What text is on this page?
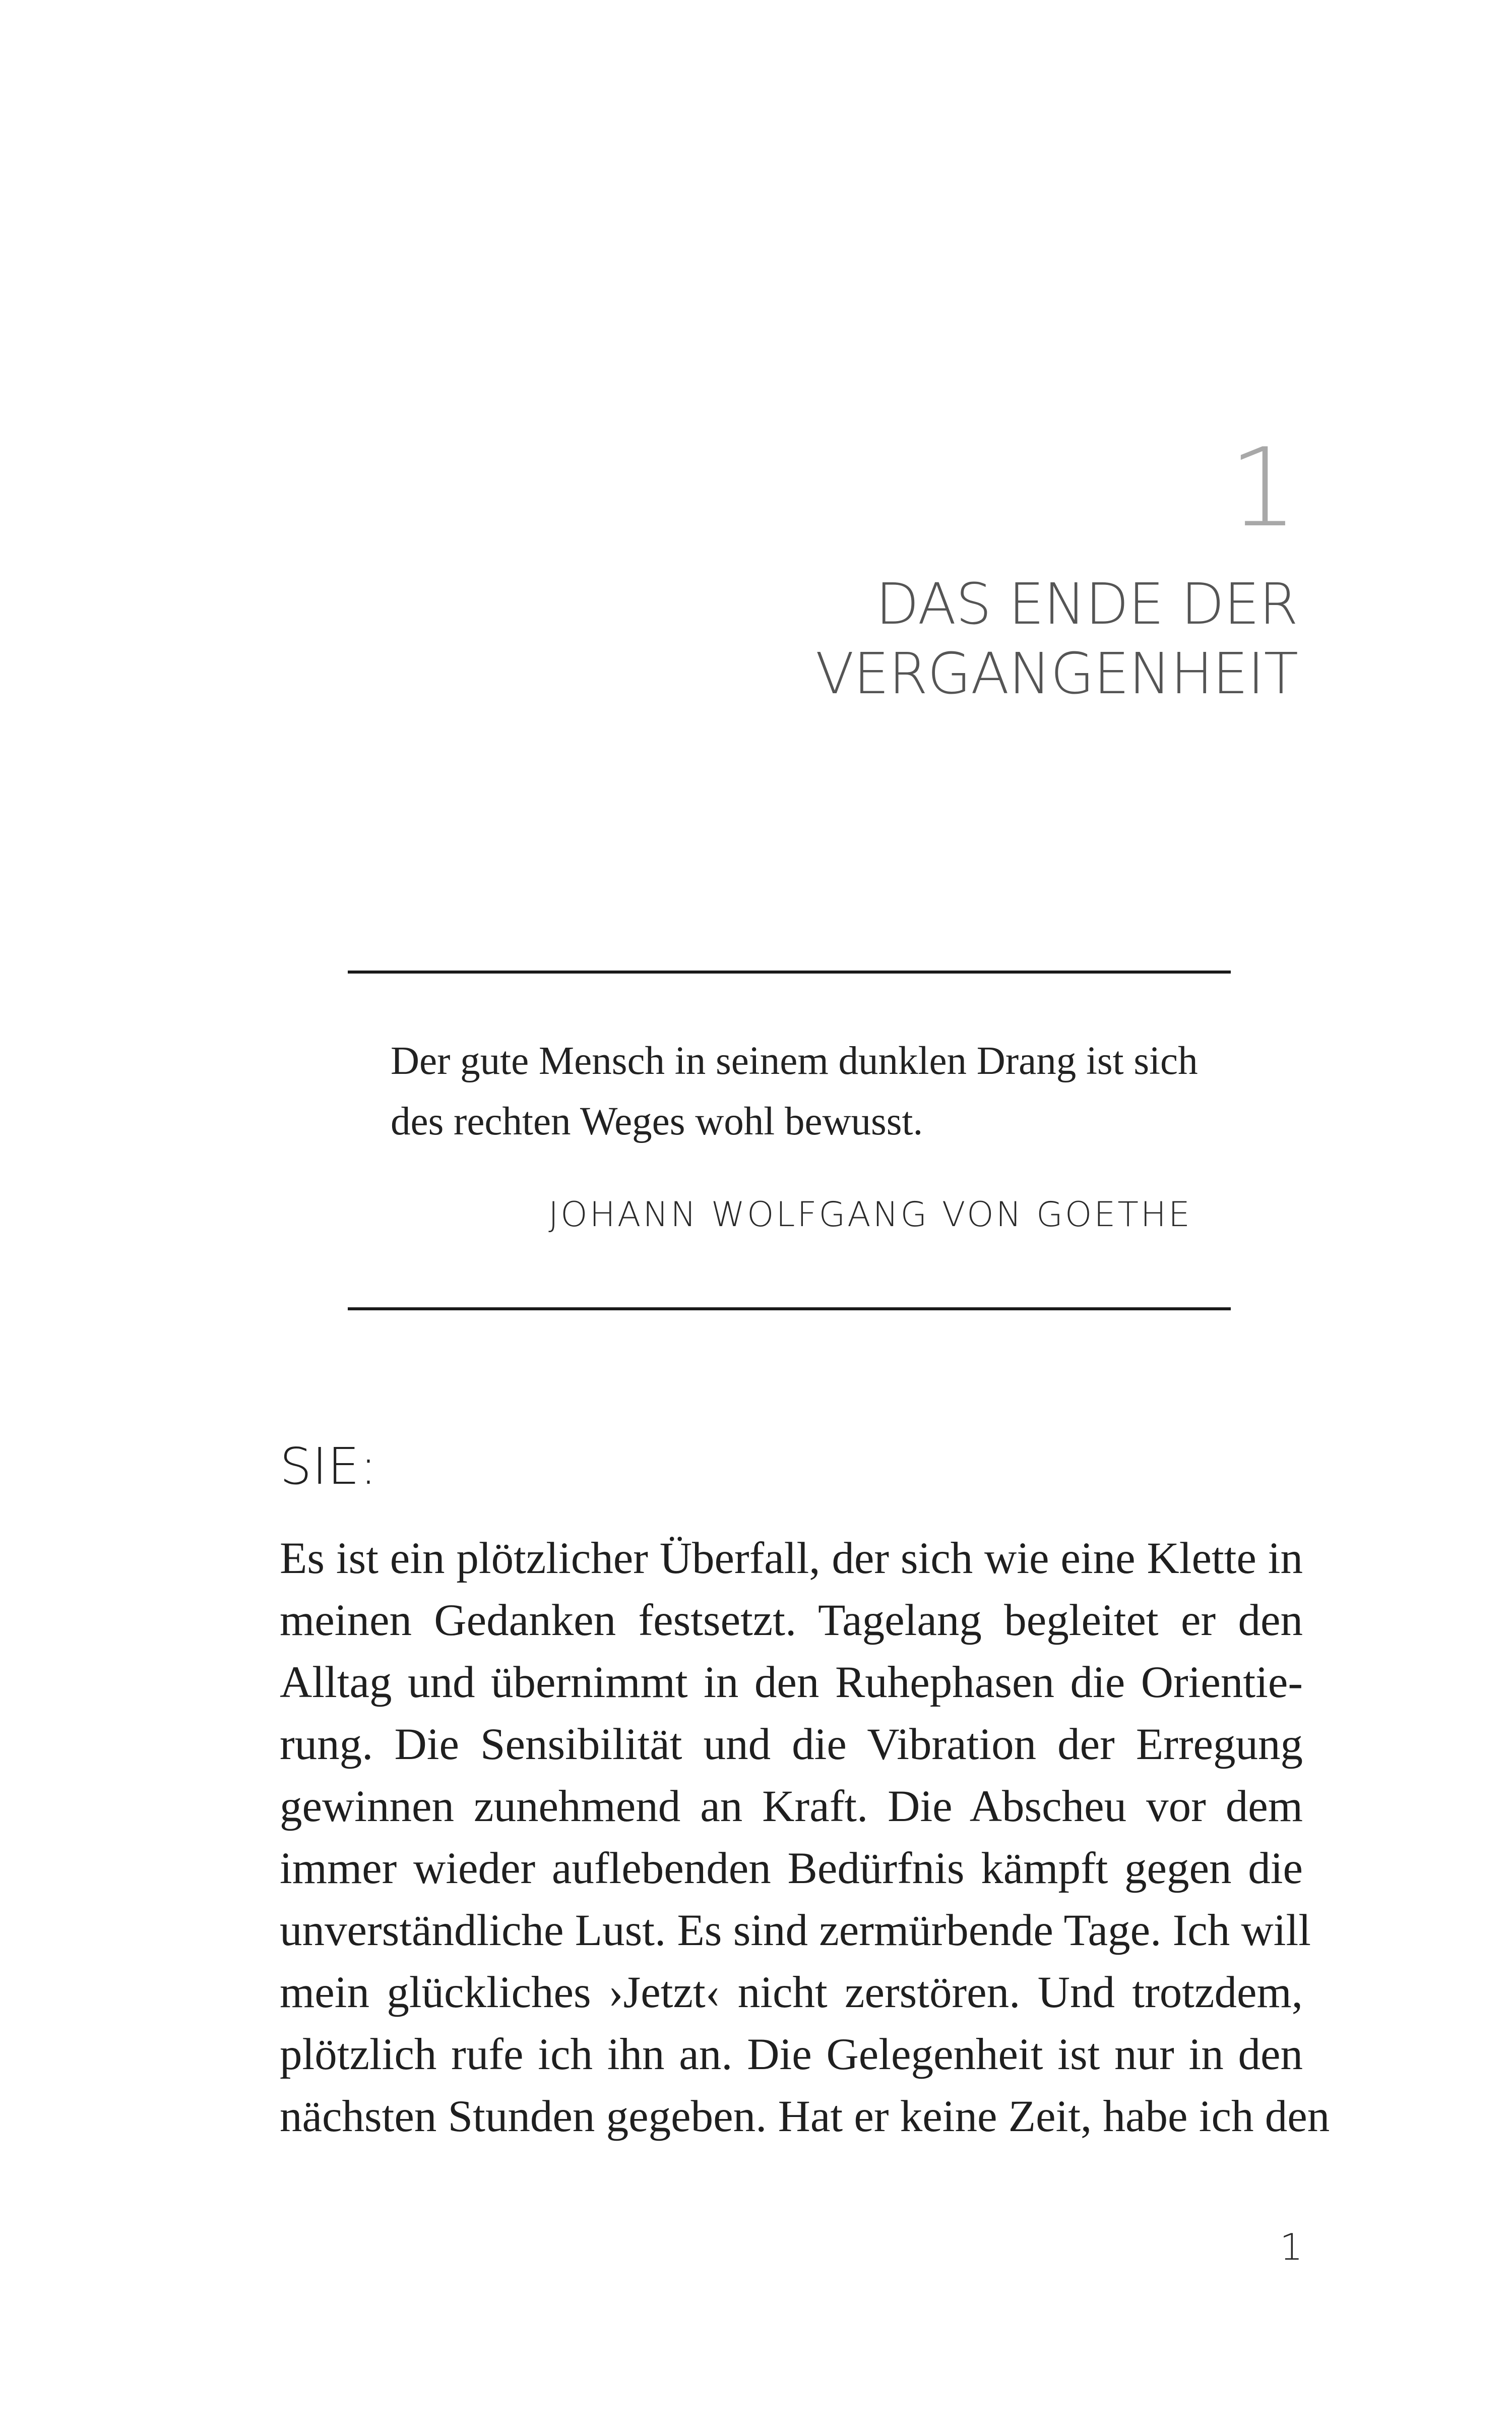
1
DAS ENDE DER
VERGANGENHEIT
Der gute Mensch in seinem dunklen Drang ist sich
des rechten Weges wohl bewusst.
JOHANN WOLFGANG VON GOETHE
SIE:
Es ist ein plötzlicher Überfall, der sich wie eine Klette in
meinen Gedanken festsetzt. Tagelang begleitet er den
Alltag und übernimmt in den Ruhephasen die Orientie-
rung. Die Sensibilität und die Vibration der Erregung
gewinnen zunehmend an Kraft. Die Abscheu vor dem
immer wieder auflebenden Bedürfnis kämpft gegen die
unverständliche Lust. Es sind zermürbende Tage. Ich will
mein glückliches ›Jetzt‹ nicht zerstören. Und trotzdem,
plötzlich rufe ich ihn an. Die Gelegenheit ist nur in den
nächsten Stunden gegeben. Hat er keine Zeit, habe ich den
1
